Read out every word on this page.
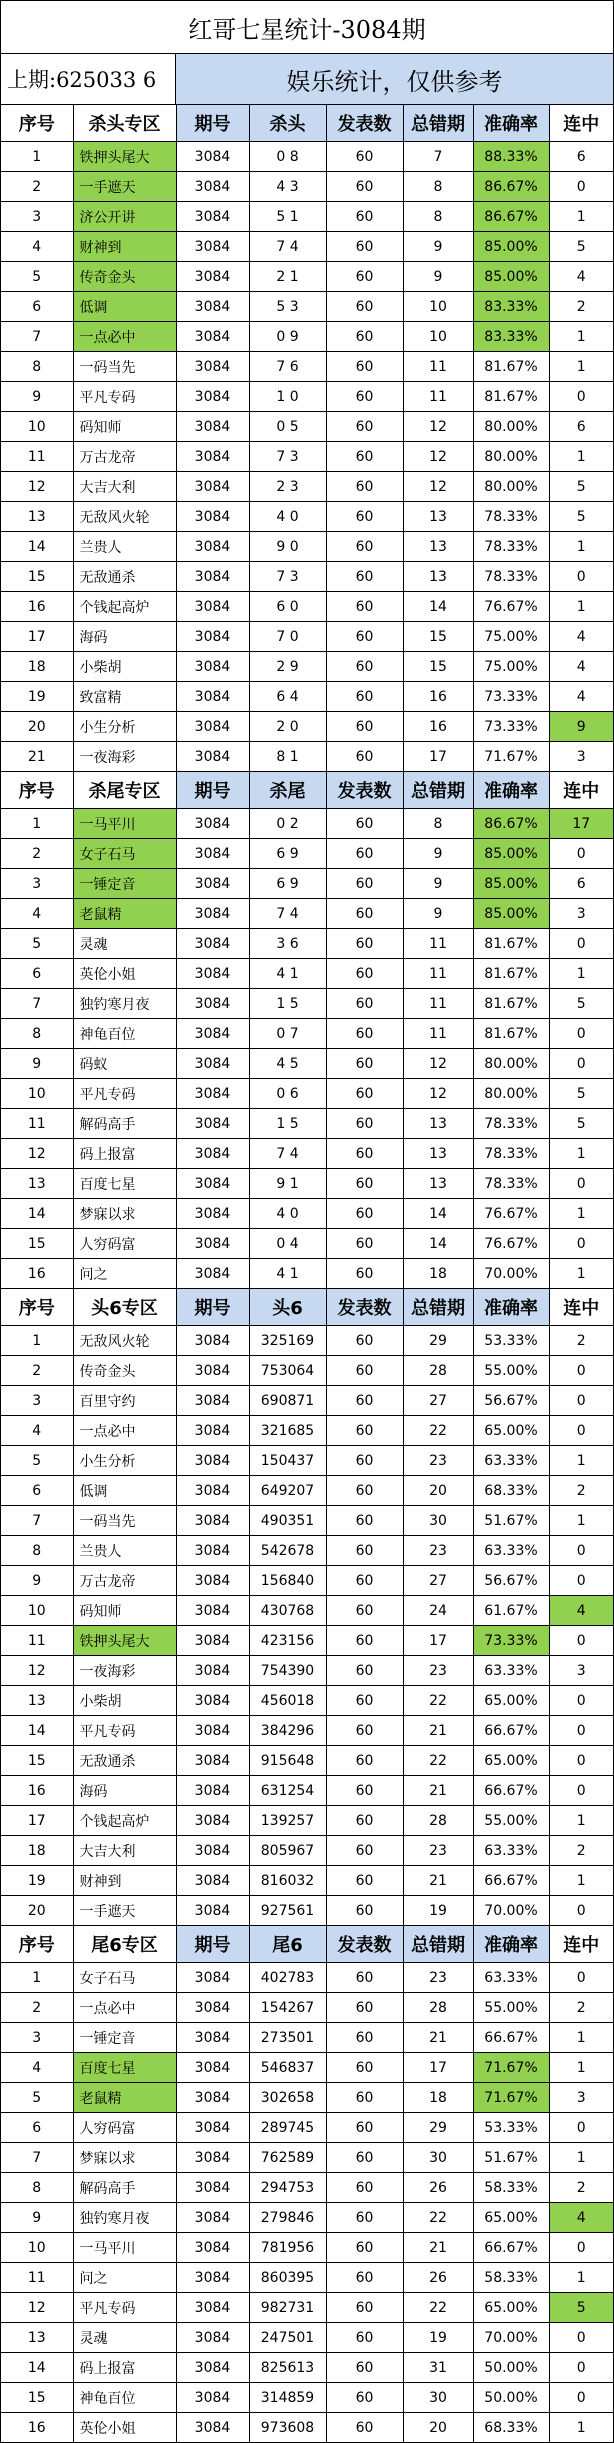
红哥七星统计-3084期
上期:625033 6	娱乐统计，仅供参考
序号	杀头专区	期号	杀头	发表数	总错期	准确率	连中
1	铁押头尾大	3084	0 8	60	7	88.33%	6
2	一手遮天	3084	4 3	60	8	86.67%	0
3	济公开讲	3084	5 1	60	8	86.67%	1
4	财神到	3084	7 4	60	9	85.00%	5
5	传奇金头	3084	2 1	60	9	85.00%	4
6	低调	3084	5 3	60	10	83.33%	2
7	一点必中	3084	0 9	60	10	83.33%	1
8	一码当先	3084	7 6	60	11	81.67%	1
9	平凡专码	3084	1 0	60	11	81.67%	0
10	码知师	3084	0 5	60	12	80.00%	6
11	万古龙帝	3084	7 3	60	12	80.00%	1
12	大吉大利	3084	2 3	60	12	80.00%	5
13	无敌风火轮	3084	4 0	60	13	78.33%	5
14	兰贵人	3084	9 0	60	13	78.33%	1
15	无敌通杀	3084	7 3	60	13	78.33%	0
16	个钱起高炉	3084	6 0	60	14	76.67%	1
17	海码	3084	7 0	60	15	75.00%	4
18	小柴胡	3084	2 9	60	15	75.00%	4
19	致富精	3084	6 4	60	16	73.33%	4
20	小生分析	3084	2 0	60	16	73.33%	9
21	一夜海彩	3084	8 1	60	17	71.67%	3
序号	杀尾专区	期号	杀尾	发表数	总错期	准确率	连中
1	一马平川	3084	0 2	60	8	86.67%	17
2	女子石马	3084	6 9	60	9	85.00%	0
3	一锤定音	3084	6 9	60	9	85.00%	6
4	老鼠精	3084	7 4	60	9	85.00%	3
5	灵魂	3084	3 6	60	11	81.67%	0
6	英伦小姐	3084	4 1	60	11	81.67%	1
7	独钓寒月夜	3084	1 5	60	11	81.67%	5
8	神龟百位	3084	0 7	60	11	81.67%	0
9	码蚁	3084	4 5	60	12	80.00%	0
10	平凡专码	3084	0 6	60	12	80.00%	5
11	解码高手	3084	1 5	60	13	78.33%	5
12	码上报富	3084	7 4	60	13	78.33%	1
13	百度七星	3084	9 1	60	13	78.33%	0
14	梦寐以求	3084	4 0	60	14	76.67%	1
15	人穷码富	3084	0 4	60	14	76.67%	0
16	问之	3084	4 1	60	18	70.00%	1
序号	头6专区	期号	头6	发表数	总错期	准确率	连中
1	无敌风火轮	3084	325169	60	29	53.33%	2
2	传奇金头	3084	753064	60	28	55.00%	0
3	百里守约	3084	690871	60	27	56.67%	0
4	一点必中	3084	321685	60	22	65.00%	0
5	小生分析	3084	150437	60	23	63.33%	1
6	低调	3084	649207	60	20	68.33%	2
7	一码当先	3084	490351	60	30	51.67%	1
8	兰贵人	3084	542678	60	23	63.33%	0
9	万古龙帝	3084	156840	60	27	56.67%	0
10	码知师	3084	430768	60	24	61.67%	4
11	铁押头尾大	3084	423156	60	17	73.33%	0
12	一夜海彩	3084	754390	60	23	63.33%	3
13	小柴胡	3084	456018	60	22	65.00%	0
14	平凡专码	3084	384296	60	21	66.67%	0
15	无敌通杀	3084	915648	60	22	65.00%	0
16	海码	3084	631254	60	21	66.67%	0
17	个钱起高炉	3084	139257	60	28	55.00%	1
18	大吉大利	3084	805967	60	23	63.33%	2
19	财神到	3084	816032	60	21	66.67%	1
20	一手遮天	3084	927561	60	19	70.00%	0
序号	尾6专区	期号	尾6	发表数	总错期	准确率	连中
1	女子石马	3084	402783	60	23	63.33%	0
2	一点必中	3084	154267	60	28	55.00%	2
3	一锤定音	3084	273501	60	21	66.67%	1
4	百度七星	3084	546837	60	17	71.67%	1
5	老鼠精	3084	302658	60	18	71.67%	3
6	人穷码富	3084	289745	60	29	53.33%	0
7	梦寐以求	3084	762589	60	30	51.67%	1
8	解码高手	3084	294753	60	26	58.33%	2
9	独钓寒月夜	3084	279846	60	22	65.00%	4
10	一马平川	3084	781956	60	21	66.67%	0
11	问之	3084	860395	60	26	58.33%	1
12	平凡专码	3084	982731	60	22	65.00%	5
13	灵魂	3084	247501	60	19	70.00%	0
14	码上报富	3084	825613	60	31	50.00%	0
15	神龟百位	3084	314859	60	30	50.00%	0
16	英伦小姐	3084	973608	60	20	68.33%	1
